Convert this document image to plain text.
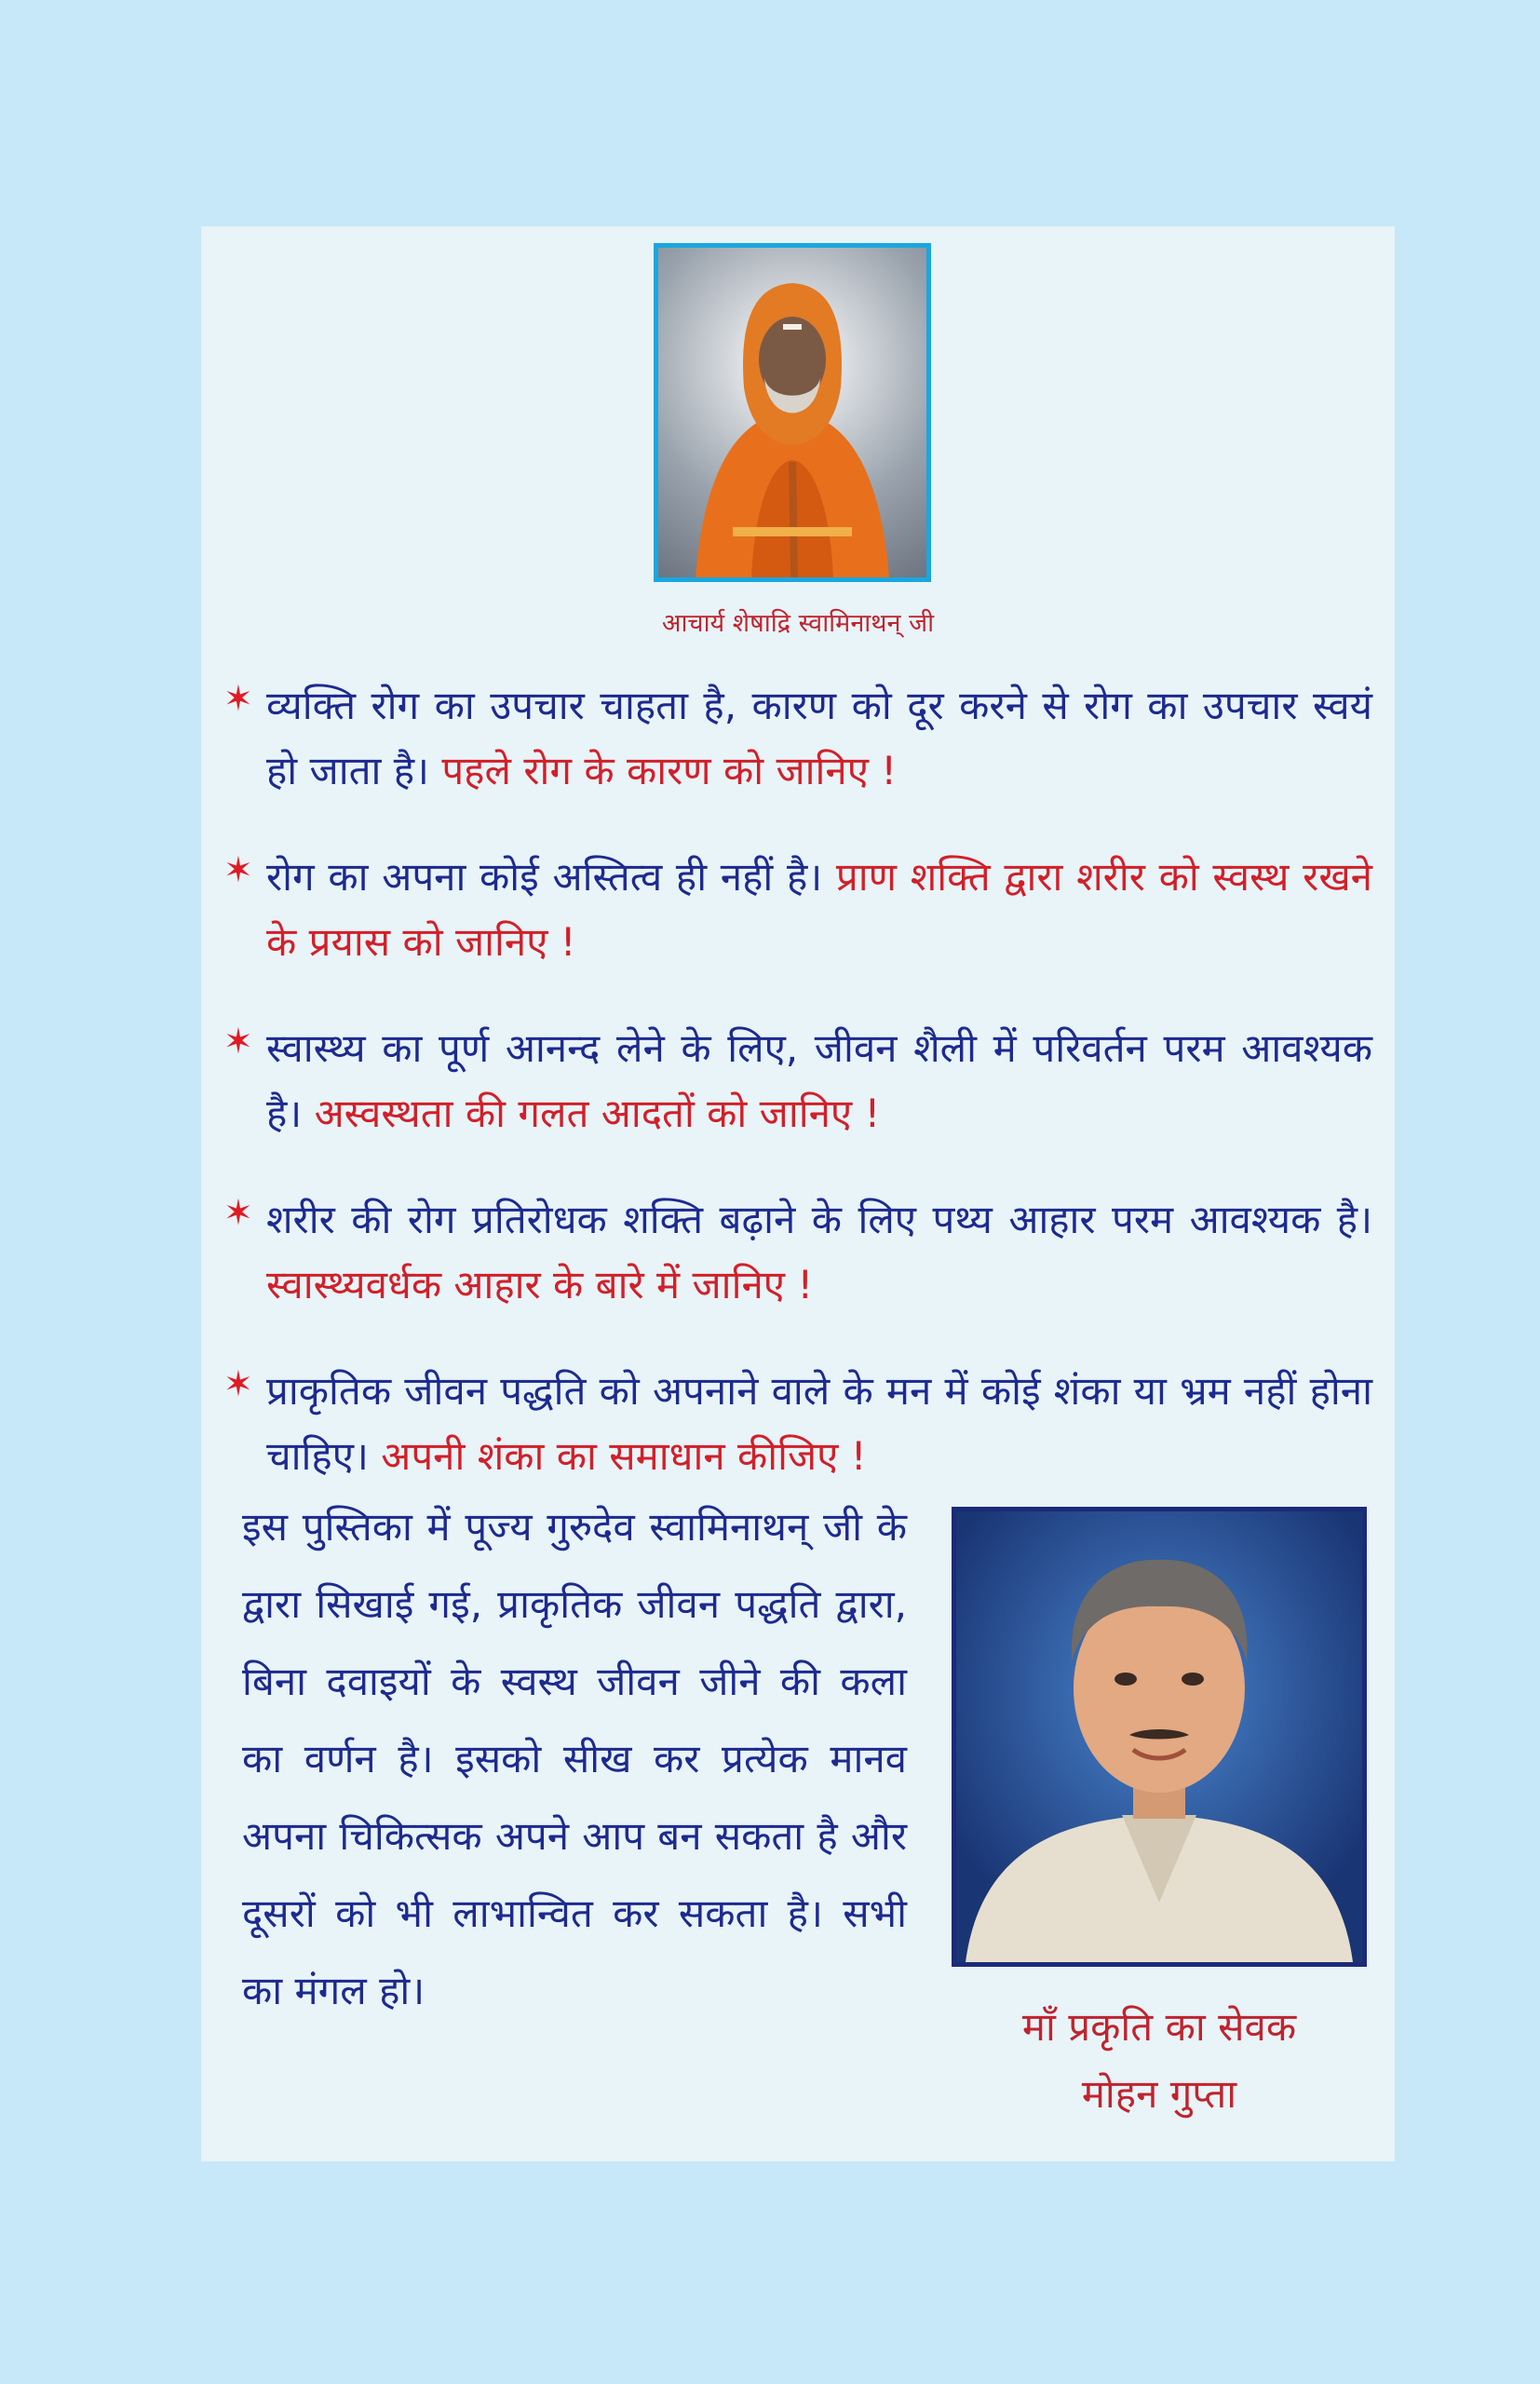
आचार्य शेषाद्रि स्वामिनाथन् जी
✶ व्यक्ति रोग का उपचार चाहता है, कारण को दूर करने से रोग का उपचार स्वयं हो जाता है। पहले रोग के कारण को जानिए !
✶ रोग का अपना कोई अस्तित्व ही नहीं है। प्राण शक्ति द्वारा शरीर को स्वस्थ रखने के प्रयास को जानिए !
✶ स्वास्थ्य का पूर्ण आनन्द लेने के लिए, जीवन शैली में परिवर्तन परम आवश्यक है। अस्वस्थता की गलत आदतों को जानिए !
✶ शरीर की रोग प्रतिरोधक शक्ति बढ़ाने के लिए पथ्य आहार परम आवश्यक है। स्वास्थ्यवर्धक आहार के बारे में जानिए !
✶ प्राकृतिक जीवन पद्धति को अपनाने वाले के मन में कोई शंका या भ्रम नहीं होना चाहिए। अपनी शंका का समाधान कीजिए !
इस पुस्तिका में पूज्य गुरुदेव स्वामिनाथन् जी के द्वारा सिखाई गई, प्राकृतिक जीवन पद्धति द्वारा, बिना दवाइयों के स्वस्थ जीवन जीने की कला का वर्णन है। इसको सीख कर प्रत्येक मानव अपना चिकित्सक अपने आप बन सकता है और दूसरों को भी लाभान्वित कर सकता है। सभी का मंगल हो।
माँ प्रकृति का सेवक
मोहन गुप्ता
